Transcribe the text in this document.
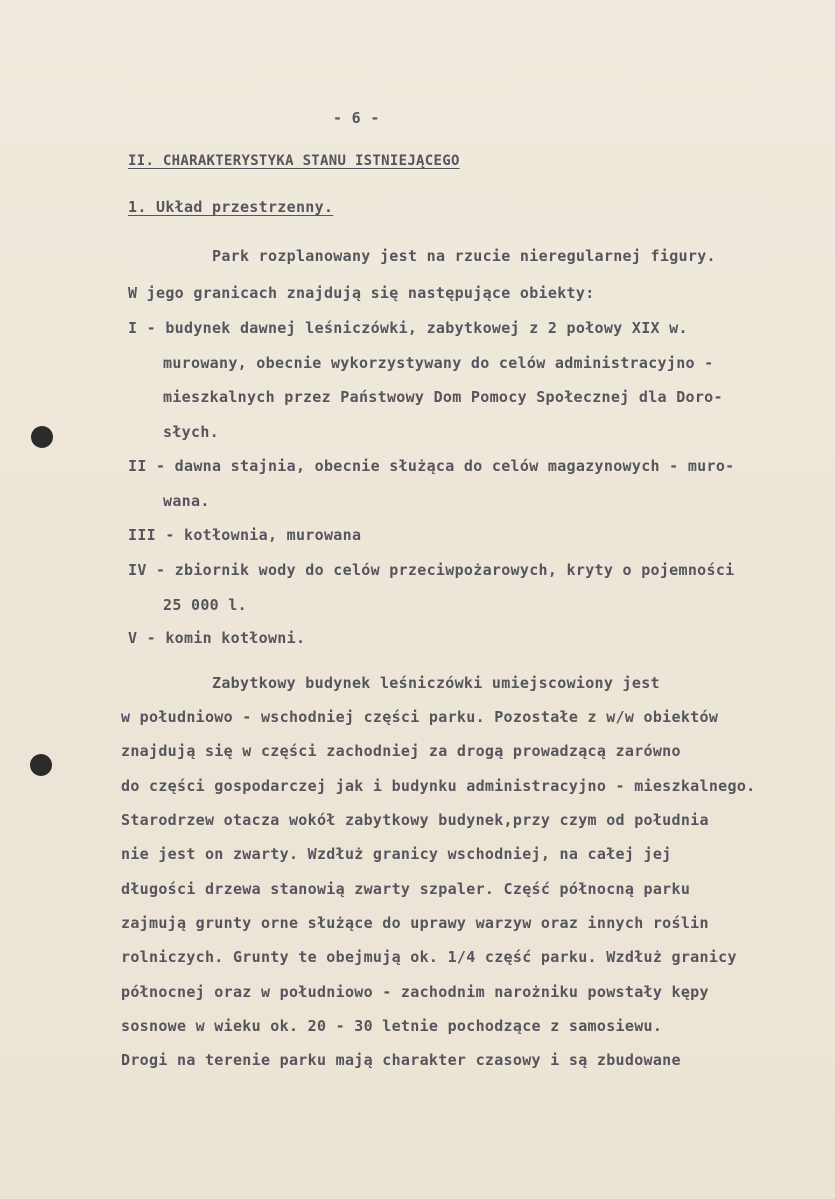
- 6 -
II. CHARAKTERYSTYKA STANU ISTNIEJĄCEGO
1. Układ przestrzenny.
Park rozplanowany jest na rzucie nieregularnej figury.
W jego granicach znajdują się następujące obiekty:
I - budynek dawnej leśniczówki, zabytkowej z 2 połowy XIX w.
murowany, obecnie wykorzystywany do celów administracyjno -
mieszkalnych przez Państwowy Dom Pomocy Społecznej dla Doro-
słych.
II - dawna stajnia, obecnie służąca do celów magazynowych - muro-
wana.
III - kotłownia, murowana
IV - zbiornik wody do celów przeciwpożarowych, kryty o pojemności
25 000 l.
V - komin kotłowni.
Zabytkowy budynek leśniczówki umiejscowiony jest
w południowo - wschodniej części parku. Pozostałe z w/w obiektów
znajdują się w części zachodniej za drogą prowadzącą zarówno
do części gospodarczej jak i budynku administracyjno - mieszkalnego.
Starodrzew otacza wokół zabytkowy budynek,przy czym od południa
nie jest on zwarty. Wzdłuż granicy wschodniej, na całej jej
długości drzewa stanowią zwarty szpaler. Część północną parku
zajmują grunty orne służące do uprawy warzyw oraz innych roślin
rolniczych. Grunty te obejmują ok. 1/4 część parku. Wzdłuż granicy
północnej oraz w południowo - zachodnim narożniku powstały kępy
sosnowe w wieku ok. 20 - 30 letnie pochodzące z samosiewu.
Drogi na terenie parku mają charakter czasowy i są zbudowane
